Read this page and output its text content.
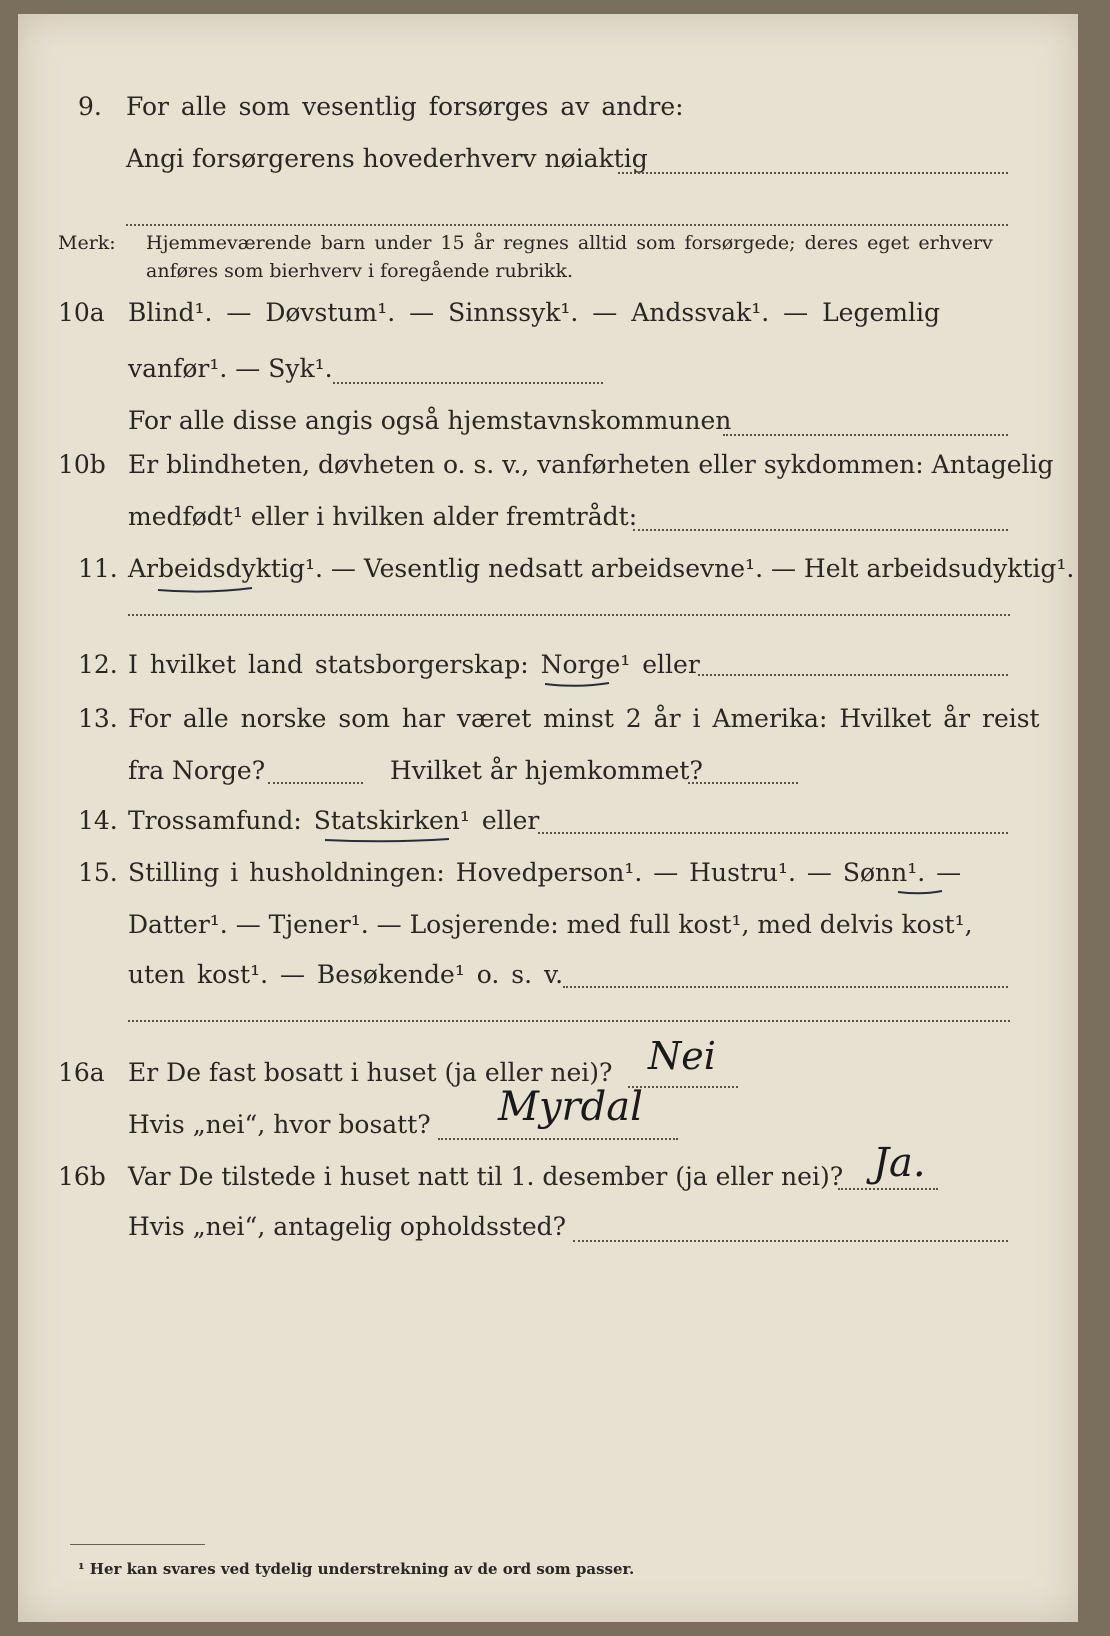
9. For alle som vesentlig forsørges av andre:
Angi forsørgerens hovederhverv nøiaktig
Merk: Hjemmeværende barn under 15 år regnes alltid som forsørgede; deres eget erhverv
anføres som bierhverv i foregående rubrikk.
10a Blind¹. — Døvstum¹. — Sinnssyk¹. — Andssvak¹. — Legemlig
vanfør¹. — Syk¹.
For alle disse angis også hjemstavnskommunen
10b Er blindheten, døvheten o. s. v., vanførheten eller sykdommen: Antagelig
medfødt¹ eller i hvilken alder fremtrådt:
11. Arbeidsdyktig¹. — Vesentlig nedsatt arbeidsevne¹. — Helt arbeidsudyktig¹.
12. I hvilket land statsborgerskap: Norge¹ eller
13. For alle norske som har været minst 2 år i Amerika: Hvilket år reist
fra Norge?	Hvilket år hjemkommet?
14. Trossamfund: Statskirken¹ eller
15. Stilling i husholdningen: Hovedperson¹. — Hustru¹. — Sønn¹. —
Datter¹. — Tjener¹. — Losjerende: med full kost¹, med delvis kost¹,
uten kost¹. — Besøkende¹ o. s. v.
16a Er De fast bosatt i huset (ja eller nei)? Nei
Hvis „nei“, hvor bosatt? Myrdal
16b Var De tilstede i huset natt til 1. desember (ja eller nei)? Ja.
Hvis „nei“, antagelig opholdssted?
¹ Her kan svares ved tydelig understrekning av de ord som passer.
